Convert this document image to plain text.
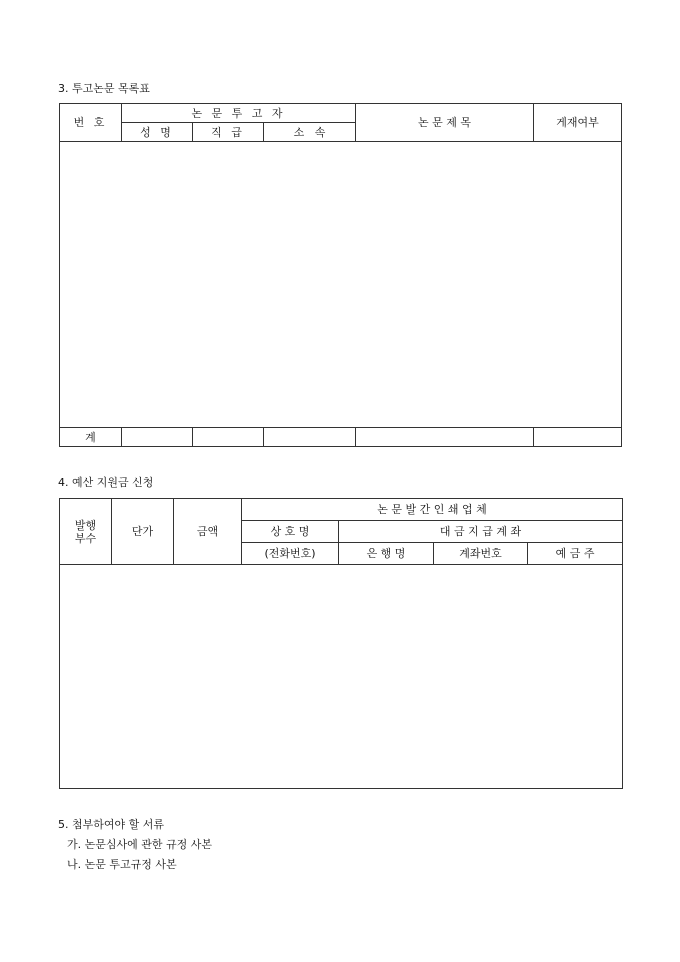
3. 투고논문 목록표
번 호	논 문 투 고 자			논 문 제 목	게재여부
	성 명	직 급	소   속		

계					
4. 예산 지원금 신청
발행
부수	단가	금액	논 문 발 간 인 쇄 업 체			
			상 호 명	대 금 지 급 계 좌		
			(전화번호)	은 행 명	계좌번호	예 금 주

5. 첨부하여야 할 서류
가. 논문심사에 관한 규정 사본
나. 논문 투고규정 사본
